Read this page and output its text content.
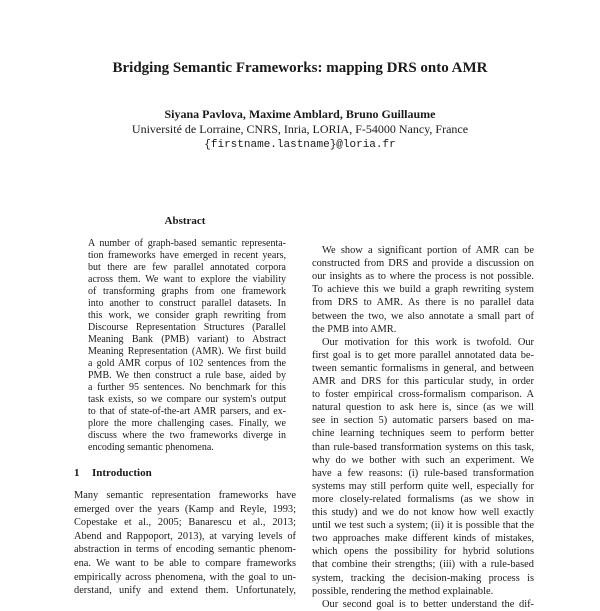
Bridging Semantic Frameworks: mapping DRS onto AMR
Siyana Pavlova, Maxime Amblard, Bruno Guillaume
Université de Lorraine, CNRS, Inria, LORIA, F-54000 Nancy, France
{firstname.lastname}@loria.fr
Abstract
A number of graph-based semantic representa-
tion frameworks have emerged in recent years,
but there are few parallel annotated corpora
across them. We want to explore the viability
of transforming graphs from one framework
into another to construct parallel datasets. In
this work, we consider graph rewriting from
Discourse Representation Structures (Parallel
Meaning Bank (PMB) variant) to Abstract
Meaning Representation (AMR). We first build
a gold AMR corpus of 102 sentences from the
PMB. We then construct a rule base, aided by
a further 95 sentences. No benchmark for this
task exists, so we compare our system's output
to that of state-of-the-art AMR parsers, and ex-
plore the more challenging cases. Finally, we
discuss where the two frameworks diverge in
encoding semantic phenomena.
1 Introduction
Many semantic representation frameworks have
emerged over the years (Kamp and Reyle, 1993;
Copestake et al., 2005; Banarescu et al., 2013;
Abend and Rappoport, 2013), at varying levels of
abstraction in terms of encoding semantic phenom-
ena. We want to be able to compare frameworks
empirically across phenomena, with the goal to un-
derstand, unify and extend them. Unfortunately,
We show a significant portion of AMR can be
constructed from DRS and provide a discussion on
our insights as to where the process is not possible.
To achieve this we build a graph rewriting system
from DRS to AMR. As there is no parallel data
between the two, we also annotate a small part of
the PMB into AMR.
Our motivation for this work is twofold. Our
first goal is to get more parallel annotated data be-
tween semantic formalisms in general, and between
AMR and DRS for this particular study, in order
to foster empirical cross-formalism comparison. A
natural question to ask here is, since (as we will
see in section 5) automatic parsers based on ma-
chine learning techniques seem to perform better
than rule-based transformation systems on this task,
why do we bother with such an experiment. We
have a few reasons: (i) rule-based transformation
systems may still perform quite well, especially for
more closely-related formalisms (as we show in
this study) and we do not know how well exactly
until we test such a system; (ii) it is possible that the
two approaches make different kinds of mistakes,
which opens the possibility for hybrid solutions
that combine their strengths; (iii) with a rule-based
system, tracking the decision-making process is
possible, rendering the method explainable.
Our second goal is to better understand the dif-
